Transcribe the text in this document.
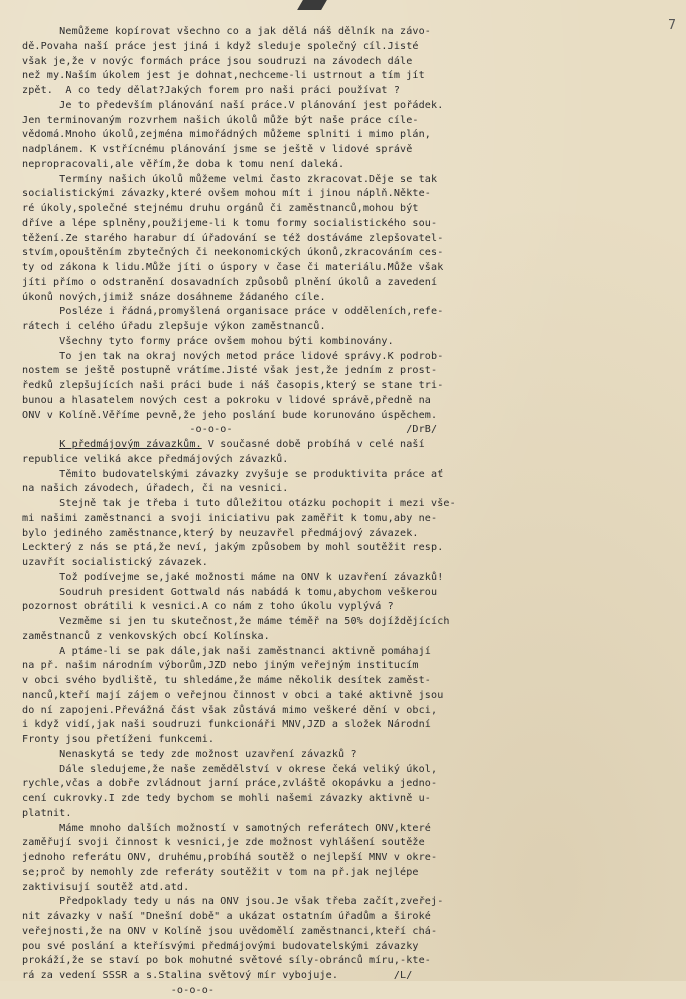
7
Nemůžeme kopírovat všechno co a jak dělá náš dělník na závo-
dě.Povaha naší práce jest jiná i když sleduje společný cíl.Jisté
však je,že v novýc formách práce jsou soudruzi na závodech dále
než my.Naším úkolem jest je dohnat,nechceme-li ustrnout a tím jít
zpět.  A co tedy dělat?Jakých forem pro naši práci používat ?
Je to především plánování naší práce.V plánování jest pořádek.
Jen terminovaným rozvrhem našich úkolů může být naše práce cíle-
vědomá.Mnoho úkolů,zejména mimořádných můžeme splniti i mimo plán,
nadplánem. K vstřícnému plánování jsme se ještě v lidové správě
nepropracovali,ale věřím,že doba k tomu není daleká.
Termíny našich úkolů můžeme velmi často zkracovat.Děje se tak
socialistickými závazky,které ovšem mohou mít i jinou náplň.Někte-
ré úkoly,společné stejnému druhu orgánů či zaměstnanců,mohou být
dříve a lépe splněny,použijeme-li k tomu formy socialistického sou-
těžení.Ze starého harabur dí úřadování se též dostáváme zlepšovatel-
stvím,opouštěním zbytečných či neekonomických úkonů,zkracováním ces-
ty od zákona k lidu.Může jíti o úspory v čase či materiálu.Může však
jíti přímo o odstranění dosavadních způsobů plnění úkolů a zavedení
úkonů nových,jimiž snáze dosáhneme žádaného cíle.
Posléze i řádná,promyšlená organisace práce v odděleních,refe-
rátech i celého úřadu zlepšuje výkon zaměstnanců.
Všechny tyto formy práce ovšem mohou býti kombinovány.
To jen tak na okraj nových metod práce lidové správy.K podrob-
nostem se ještě postupně vrátíme.Jisté však jest,že jedním z prost-
ředků zlepšujících naši práci bude i náš časopis,který se stane tri-
bunou a hlasatelem nových cest a pokroku v lidové správě,předně na
ONV v Kolíně.Věříme pevně,že jeho poslání bude korunováno úspěchem.
-o-o-o-                            /DrB/
K předmájovým závazkům. V současné době probíhá v celé naší
republice veliká akce předmájových závazků.
Těmito budovatelskými závazky zvyšuje se produktivita práce ať
na našich závodech, úřadech, či na vesnici.
Stejně tak je třeba i tuto důležitou otázku pochopit i mezi vše-
mi našimi zaměstnanci a svoji iniciativu pak zaměřit k tomu,aby ne-
bylo jediného zaměstnance,který by neuzavřel předmájový závazek.
Leckterý z nás se ptá,že neví, jakým způsobem by mohl soutěžit resp.
uzavřít socialistický závazek.
Tož podívejme se,jaké možnosti máme na ONV k uzavření závazků!
Soudruh president Gottwald nás nabádá k tomu,abychom veškerou
pozornost obrátili k vesnici.A co nám z toho úkolu vyplývá ?
Vezměme si jen tu skutečnost,že máme téměř na 50% dojíždějících
zaměstnanců z venkovských obcí Kolínska.
A ptáme-li se pak dále,jak naši zaměstnanci aktivně pomáhají
na př. našim národním výborům,JZD nebo jiným veřejným institucím
v obci svého bydliště, tu shledáme,že máme několik desítek zaměst-
nanců,kteří mají zájem o veřejnou činnost v obci a také aktivně jsou
do ní zapojeni.Převážná část však zůstává mimo veškeré dění v obci,
i když vidí,jak naši soudruzi funkcionáři MNV,JZD a složek Národní
Fronty jsou přetíženi funkcemi.
Nenaskytá se tedy zde možnost uzavření závazků ?
Dále sledujeme,že naše zemědělství v okrese čeká veliký úkol,
rychle,včas a dobře zvládnout jarní práce,zvláště okopávku a jedno-
cení cukrovky.I zde tedy bychom se mohli našemi závazky aktivně u-
platnit.
Máme mnoho dalších možností v samotných referátech ONV,které
zaměřují svoji činnost k vesnici,je zde možnost vyhlášení soutěže
jednoho referátu ONV, druhému,probíhá soutěž o nejlepší MNV v okre-
se;proč by nemohly zde referáty soutěžit v tom na př.jak nejlépe
zaktivisují soutěž atd.atd.
Předpoklady tedy u nás na ONV jsou.Je však třeba začít,zveřej-
nit závazky v naší "Dnešní době" a ukázat ostatním úřadům a široké
veřejnosti,že na ONV v Kolíně jsou uvědomělí zaměstnanci,kteří chá-
pou své poslání a kteřísvými předmájovými budovatelskými závazky
prokáží,že se staví po bok mohutné světové síly-obránců míru,-kte-
rá za vedení SSSR a s.Stalina světový mír vybojuje.         /L/
-o-o-o-
